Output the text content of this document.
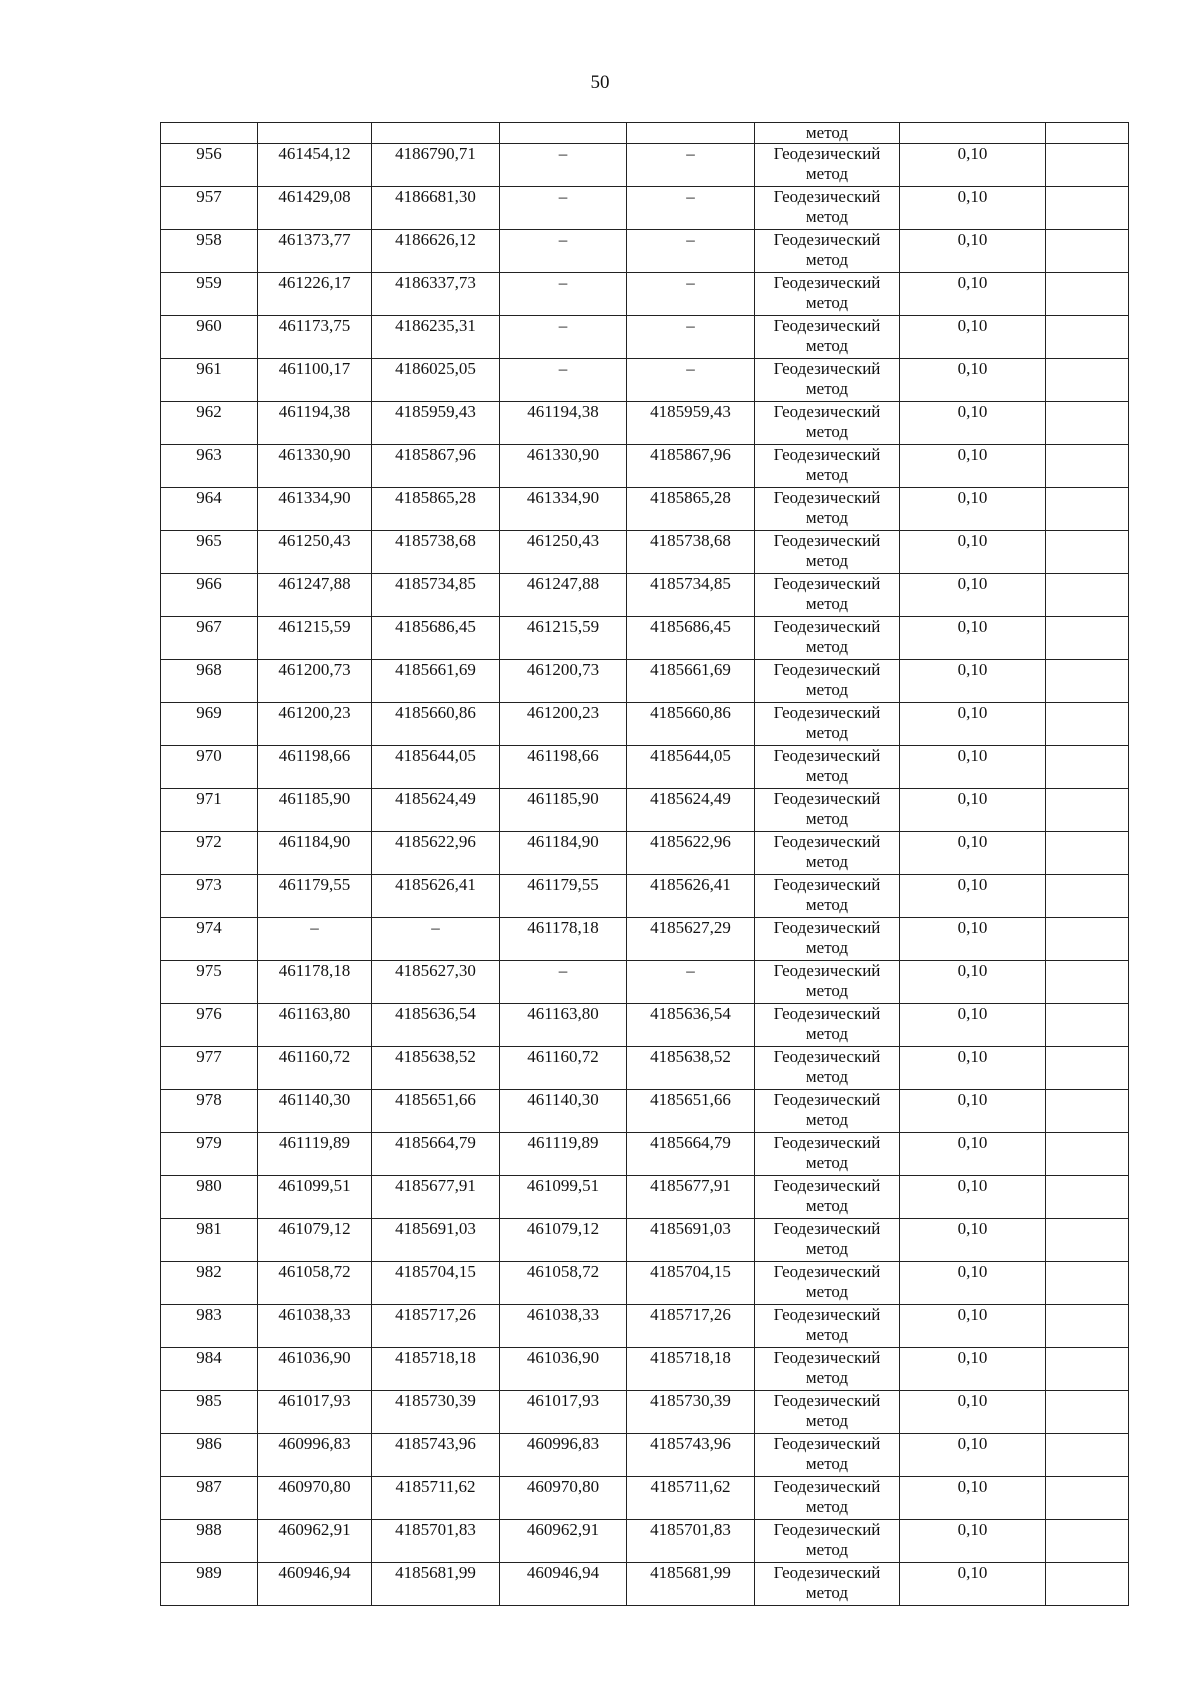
50
					метод		
956	461454,12	4186790,71	–	–	Геодезический
метод	0,10	
957	461429,08	4186681,30	–	–	Геодезический
метод	0,10	
958	461373,77	4186626,12	–	–	Геодезический
метод	0,10	
959	461226,17	4186337,73	–	–	Геодезический
метод	0,10	
960	461173,75	4186235,31	–	–	Геодезический
метод	0,10	
961	461100,17	4186025,05	–	–	Геодезический
метод	0,10	
962	461194,38	4185959,43	461194,38	4185959,43	Геодезический
метод	0,10	
963	461330,90	4185867,96	461330,90	4185867,96	Геодезический
метод	0,10	
964	461334,90	4185865,28	461334,90	4185865,28	Геодезический
метод	0,10	
965	461250,43	4185738,68	461250,43	4185738,68	Геодезический
метод	0,10	
966	461247,88	4185734,85	461247,88	4185734,85	Геодезический
метод	0,10	
967	461215,59	4185686,45	461215,59	4185686,45	Геодезический
метод	0,10	
968	461200,73	4185661,69	461200,73	4185661,69	Геодезический
метод	0,10	
969	461200,23	4185660,86	461200,23	4185660,86	Геодезический
метод	0,10	
970	461198,66	4185644,05	461198,66	4185644,05	Геодезический
метод	0,10	
971	461185,90	4185624,49	461185,90	4185624,49	Геодезический
метод	0,10	
972	461184,90	4185622,96	461184,90	4185622,96	Геодезический
метод	0,10	
973	461179,55	4185626,41	461179,55	4185626,41	Геодезический
метод	0,10	
974	–	–	461178,18	4185627,29	Геодезический
метод	0,10	
975	461178,18	4185627,30	–	–	Геодезический
метод	0,10	
976	461163,80	4185636,54	461163,80	4185636,54	Геодезический
метод	0,10	
977	461160,72	4185638,52	461160,72	4185638,52	Геодезический
метод	0,10	
978	461140,30	4185651,66	461140,30	4185651,66	Геодезический
метод	0,10	
979	461119,89	4185664,79	461119,89	4185664,79	Геодезический
метод	0,10	
980	461099,51	4185677,91	461099,51	4185677,91	Геодезический
метод	0,10	
981	461079,12	4185691,03	461079,12	4185691,03	Геодезический
метод	0,10	
982	461058,72	4185704,15	461058,72	4185704,15	Геодезический
метод	0,10	
983	461038,33	4185717,26	461038,33	4185717,26	Геодезический
метод	0,10	
984	461036,90	4185718,18	461036,90	4185718,18	Геодезический
метод	0,10	
985	461017,93	4185730,39	461017,93	4185730,39	Геодезический
метод	0,10	
986	460996,83	4185743,96	460996,83	4185743,96	Геодезический
метод	0,10	
987	460970,80	4185711,62	460970,80	4185711,62	Геодезический
метод	0,10	
988	460962,91	4185701,83	460962,91	4185701,83	Геодезический
метод	0,10	
989	460946,94	4185681,99	460946,94	4185681,99	Геодезический
метод	0,10	
